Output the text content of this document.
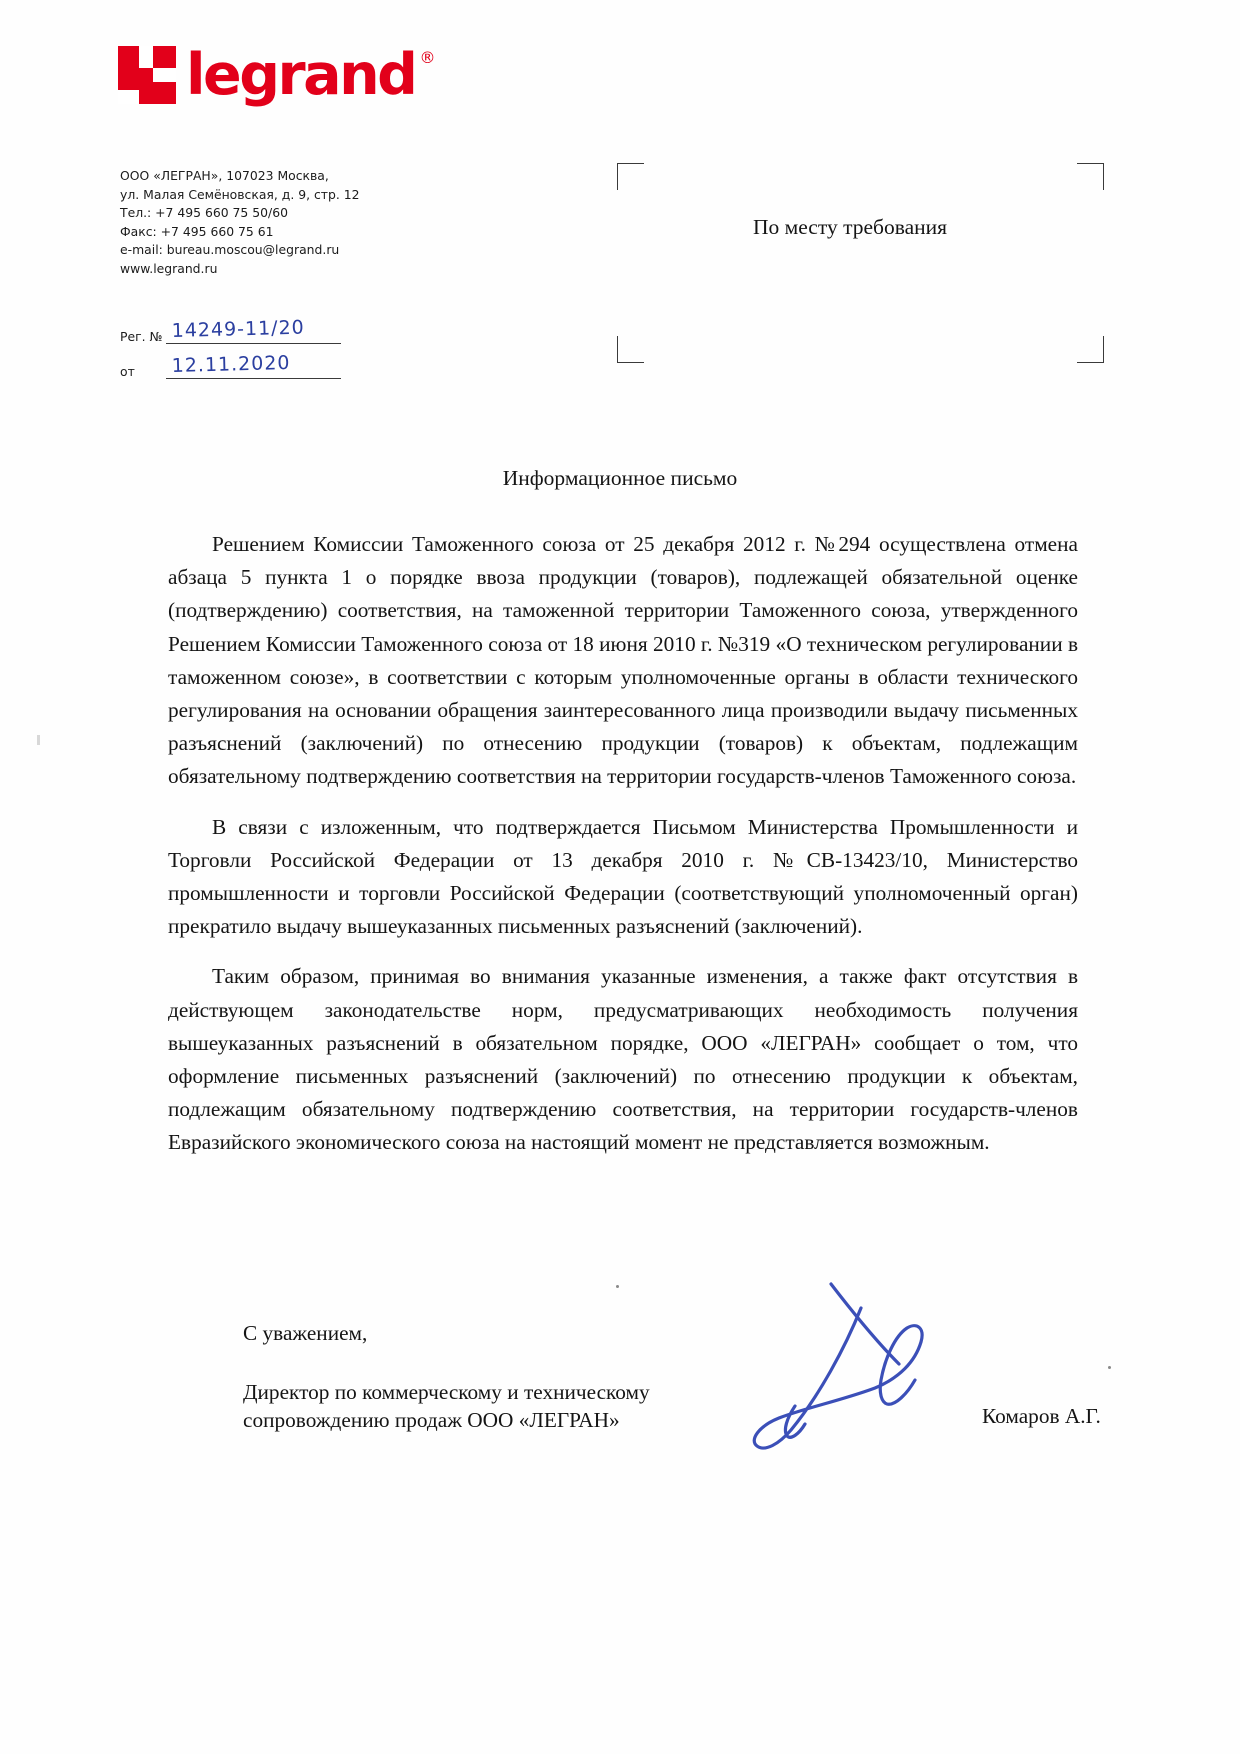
legrand ®
ООО «ЛЕГРАН», 107023 Москва,
ул. Малая Семёновская, д. 9, стр. 12
Тел.: +7 495 660 75 50/60
Факс: +7 495 660 75 61
e-mail: bureau.moscou@legrand.ru
www.legrand.ru
Рег. № 14249-11/20
от	12.11.2020
По месту требования
Информационное письмо

Решением Комиссии Таможенного союза от 25 декабря 2012 г. №294 осуществлена отмена абзаца 5 пункта 1 о порядке ввоза продукции (товаров), подлежащей обязательной оценке (подтверждению) соответствия, на таможенной территории Таможенного союза, утвержденного Решением Комиссии Таможенного союза от 18 июня 2010 г. №319 «О техническом регулировании в таможенном союзе», в соответствии с которым уполномоченные органы в области технического регулирования на основании обращения заинтересованного лица производили выдачу письменных разъяснений (заключений) по отнесению продукции (товаров) к объектам, подлежащим обязательному подтверждению соответствия на территории государств-членов Таможенного союза.

В связи с изложенным, что подтверждается Письмом Министерства Промышленности и Торговли Российской Федерации от 13 декабря 2010 г. №СВ-13423/10, Министерство промышленности и торговли Российской Федерации (соответствующий уполномоченный орган) прекратило выдачу вышеуказанных письменных разъяснений (заключений).

Таким образом, принимая во внимания указанные изменения, а также факт отсутствия в действующем законодательстве норм, предусматривающих необходимость получения вышеуказанных разъяснений в обязательном порядке, ООО «ЛЕГРАН» сообщает о том, что оформление письменных разъяснений (заключений) по отнесению продукции к объектам, подлежащим обязательному подтверждению соответствия, на территории государств-членов Евразийского экономического союза на настоящий момент не представляется возможным.

С уважением,
Директор по коммерческому и техническому
сопровождению продаж ООО «ЛЕГРАН»	Комаров А.Г.
